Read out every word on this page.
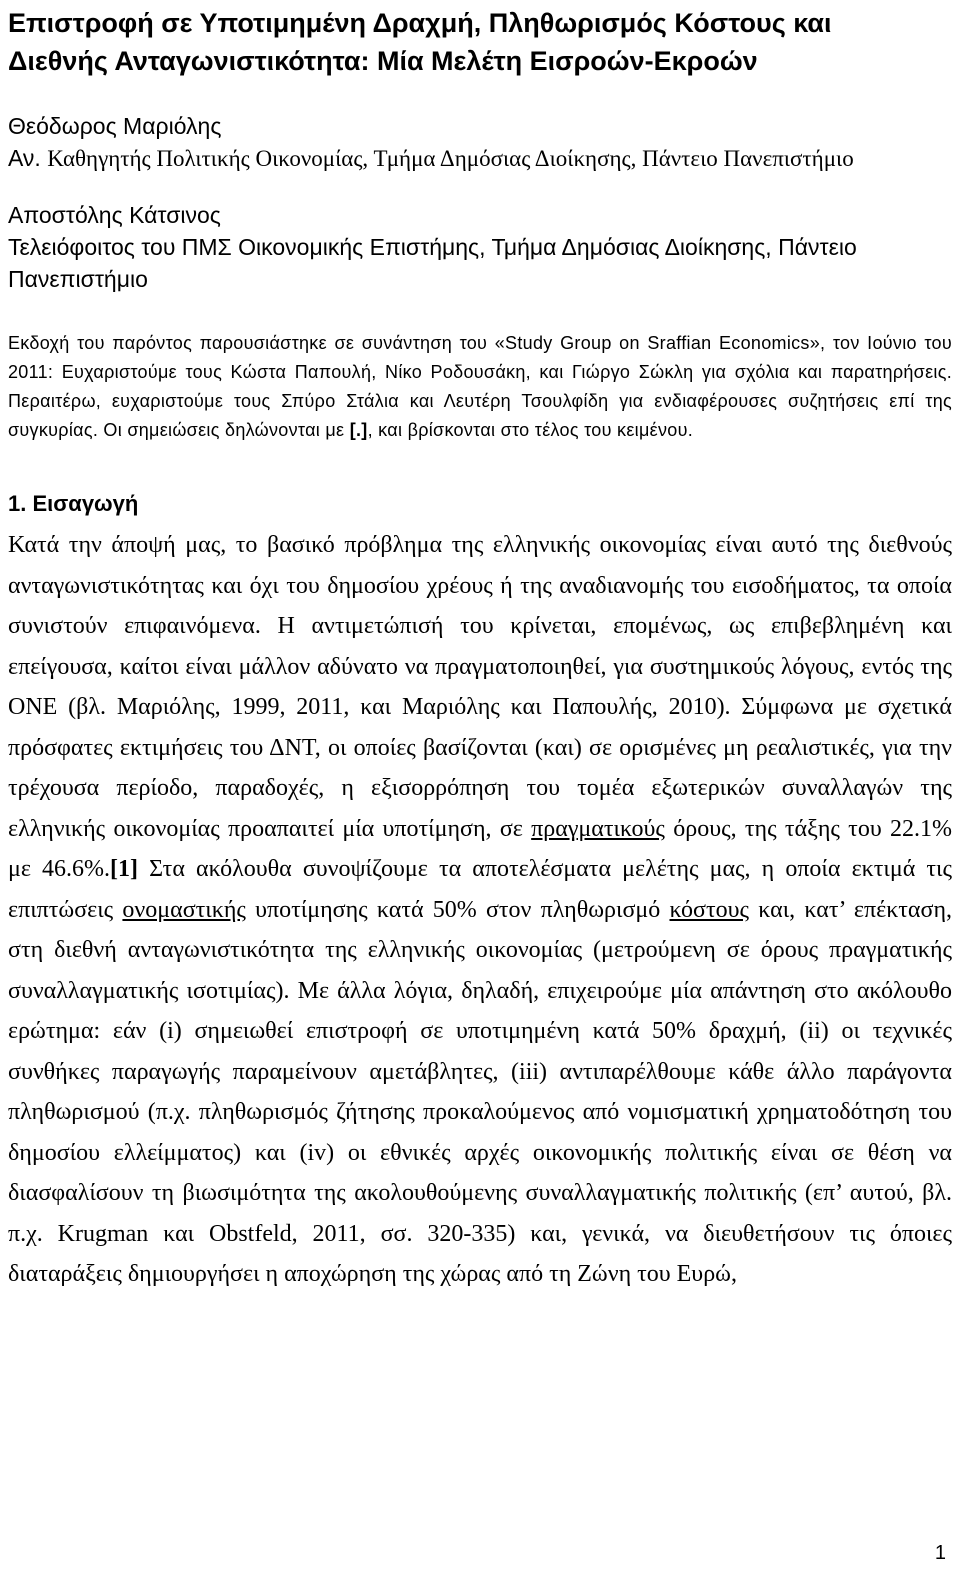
Επιστροφή σε Υποτιμημένη Δραχμή, Πληθωρισμός Κόστους και
Διεθνής Ανταγωνιστικότητα: Μία Μελέτη Εισροών-Εκροών
Θεόδωρος Μαριόλης
Αν. Καθηγητής Πολιτικής Οικονομίας, Τμήμα Δημόσιας Διοίκησης, Πάντειο Πανεπιστήμιο
Αποστόλης Κάτσινος
Τελειόφοιτος του ΠΜΣ Οικονομικής Επιστήμης, Τμήμα Δημόσιας Διοίκησης, Πάντειο Πανεπιστήμιο
Εκδοχή του παρόντος παρουσιάστηκε σε συνάντηση του «Study Group on Sraffian Economics», τον Ιούνιο του 2011: Ευχαριστούμε τους Κώστα Παπουλή, Νίκο Ροδουσάκη, και Γιώργο Σώκλη για σχόλια και παρατηρήσεις. Περαιτέρω, ευχαριστούμε τους Σπύρο Στάλια και Λευτέρη Τσουλφίδη για ενδιαφέρουσες συζητήσεις επί της συγκυρίας. Οι σημειώσεις δηλώνονται με [.], και βρίσκονται στο τέλος του κειμένου.
1. Εισαγωγή
Κατά την άποψή μας, το βασικό πρόβλημα της ελληνικής οικονομίας είναι αυτό της διεθνούς ανταγωνιστικότητας και όχι του δημοσίου χρέους ή της αναδιανομής του εισοδήματος, τα οποία συνιστούν επιφαινόμενα. Η αντιμετώπισή του κρίνεται, επομένως, ως επιβεβλημένη και επείγουσα, καίτοι είναι μάλλον αδύνατο να πραγματοποιηθεί, για συστημικούς λόγους, εντός της ΟΝΕ (βλ. Μαριόλης, 1999, 2011, και Μαριόλης και Παπουλής, 2010). Σύμφωνα με σχετικά πρόσφατες εκτιμήσεις του ΔΝΤ, οι οποίες βασίζονται (και) σε ορισμένες μη ρεαλιστικές, για την τρέχουσα περίοδο, παραδοχές, η εξισορρόπηση του τομέα εξωτερικών συναλλαγών της ελληνικής οικονομίας προαπαιτεί μία υποτίμηση, σε πραγματικούς όρους, της τάξης του 22.1% με 46.6%.[1] Στα ακόλουθα συνοψίζουμε τα αποτελέσματα μελέτης μας, η οποία εκτιμά τις επιπτώσεις ονομαστικής υποτίμησης κατά 50% στον πληθωρισμό κόστους και, κατ’ επέκταση, στη διεθνή ανταγωνιστικότητα της ελληνικής οικονομίας (μετρούμενη σε όρους πραγματικής συναλλαγματικής ισοτιμίας). Με άλλα λόγια, δηλαδή, επιχειρούμε μία απάντηση στο ακόλουθο ερώτημα: εάν (i) σημειωθεί επιστροφή σε υποτιμημένη κατά 50% δραχμή, (ii) οι τεχνικές συνθήκες παραγωγής παραμείνουν αμετάβλητες, (iii) αντιπαρέλθουμε κάθε άλλο παράγοντα πληθωρισμού (π.χ. πληθωρισμός ζήτησης προκαλούμενος από νομισματική χρηματοδότηση του δημοσίου ελλείμματος) και (iv) οι εθνικές αρχές οικονομικής πολιτικής είναι σε θέση να διασφαλίσουν τη βιωσιμότητα της ακολουθούμενης συναλλαγματικής πολιτικής (επ’ αυτού, βλ. π.χ. Krugman και Obstfeld, 2011, σσ. 320-335) και, γενικά, να διευθετήσουν τις όποιες διαταράξεις δημιουργήσει η αποχώρηση της χώρας από τη Ζώνη του Ευρώ,
1
